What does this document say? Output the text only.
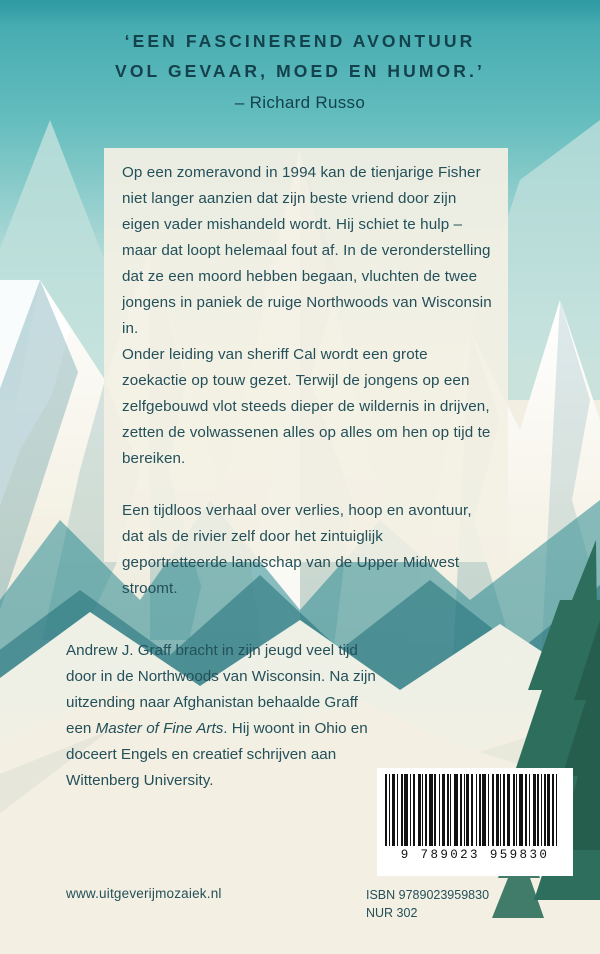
‘EEN FASCINEREND AVONTUUR
VOL GEVAAR, MOED EN HUMOR.’
– Richard Russo

Op een zomeravond in 1994 kan de tienjarige Fisher niet langer aanzien dat zijn beste vriend door zijn eigen vader mishandeld wordt. Hij schiet te hulp – maar dat loopt helemaal fout af. In de veronderstelling dat ze een moord hebben begaan, vluchten de twee jongens in paniek de ruige Northwoods van Wisconsin in.

Onder leiding van sheriff Cal wordt een grote zoekactie op touw gezet. Terwijl de jongens op een zelfgebouwd vlot steeds dieper de wildernis in drijven, zetten de volwassenen alles op alles om hen op tijd te bereiken.

Een tijdloos verhaal over verlies, hoop en avontuur, dat als de rivier zelf door het zintuiglijk geportretteerde landschap van de Upper Midwest stroomt.

Andrew J. Graff bracht in zijn jeugd veel tijd door in de Northwoods van Wisconsin. Na zijn uitzending naar Afghanistan behaalde Graff een Master of Fine Arts. Hij woont in Ohio en doceert Engels en creatief schrijven aan Wittenberg University.

9 789023 959830
www.uitgeverijmozaiek.nl	ISBN 9789023959830
NUR 302
